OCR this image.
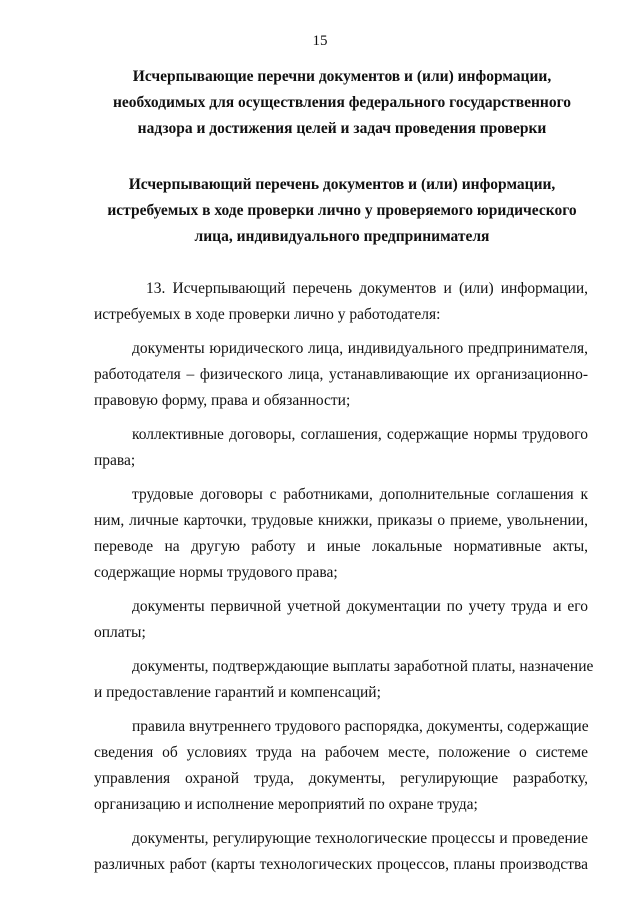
15
Исчерпывающие перечни документов и (или) информации,
необходимых для осуществления федерального государственного
надзора и достижения целей и задач проведения проверки
Исчерпывающий перечень документов и (или) информации,
истребуемых в ходе проверки лично у проверяемого юридического
лица, индивидуального предпринимателя
13. Исчерпывающий перечень документов и (или) информации,
истребуемых в ходе проверки лично у работодателя:
документы юридического лица, индивидуального предпринимателя,
работодателя – физического лица, устанавливающие их организационно-
правовую форму, права и обязанности;
коллективные договоры, соглашения, содержащие нормы трудового
права;
трудовые договоры с работниками, дополнительные соглашения к
ним, личные карточки, трудовые книжки, приказы о приеме, увольнении,
переводе на другую работу и иные локальные нормативные акты,
содержащие нормы трудового права;
документы первичной учетной документации по учету труда и его
оплаты;
документы, подтверждающие выплаты заработной платы, назначение
и предоставление гарантий и компенсаций;
правила внутреннего трудового распорядка, документы, содержащие
сведения об условиях труда на рабочем месте, положение о системе
управления охраной труда, документы, регулирующие разработку,
организацию и исполнение мероприятий по охране труда;
документы, регулирующие технологические процессы и проведение
различных работ (карты технологических процессов, планы производства
